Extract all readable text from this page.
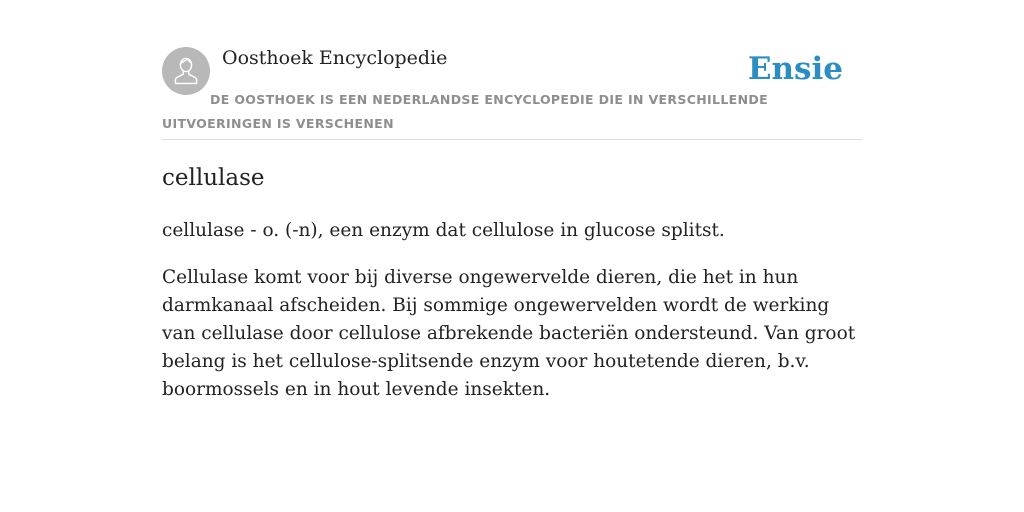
Oosthoek Encyclopedie	Ensie

DE OOSTHOEK IS EEN NEDERLANDSE ENCYCLOPEDIE DIE IN VERSCHILLENDE UITVOERINGEN IS VERSCHENEN

cellulase

cellulase - o. (-n), een enzym dat cellulose in glucose splitst.

Cellulase komt voor bij diverse ongewervelde dieren, die het in hun darmkanaal afscheiden. Bij sommige ongewervelden wordt de werking van cellulase door cellulose afbrekende bacteriën ondersteund. Van groot belang is het cellulose-splitsende enzym voor houtetende dieren, b.v. boormossels en in hout levende insekten.
